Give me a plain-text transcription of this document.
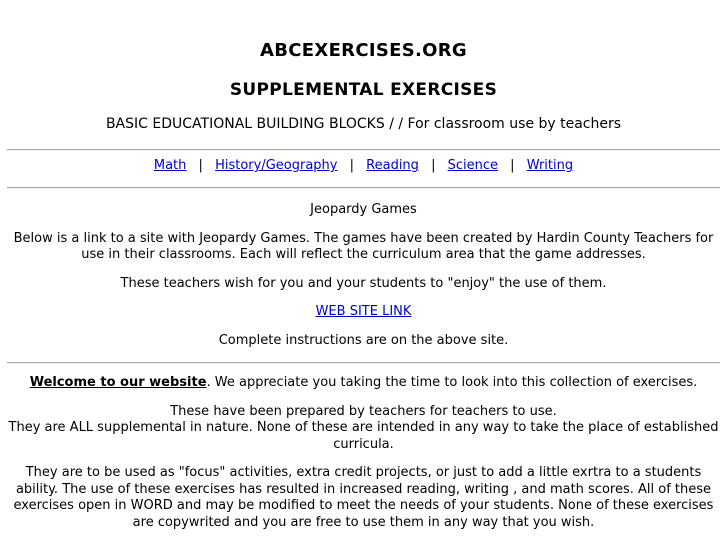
ABCEXERCISES.ORG
SUPPLEMENTAL EXERCISES
BASIC EDUCATIONAL BUILDING BLOCKS / / For classroom use by teachers
Math | History/Geography | Reading | Science | Writing

Jeopardy Games

Below is a link to a site with Jeopardy Games. The games have been created by Hardin County Teachers for use in their classrooms. Each will reflect the curriculum area that the game addresses.

These teachers wish for you and your students to "enjoy" the use of them.

WEB SITE LINK

Complete instructions are on the above site.

Welcome to our website. We appreciate you taking the time to look into this collection of exercises.

These have been prepared by teachers for teachers to use.
They are ALL supplemental in nature. None of these are intended in any way to take the place of established curricula.

They are to be used as "focus" activities, extra credit projects, or just to add a little exrtra to a students ability. The use of these exercises has resulted in increased reading, writing , and math scores. All of these exercises open in WORD and may be modified to meet the needs of your students. None of these exercises are copywrited and you are free to use them in any way that you wish.
